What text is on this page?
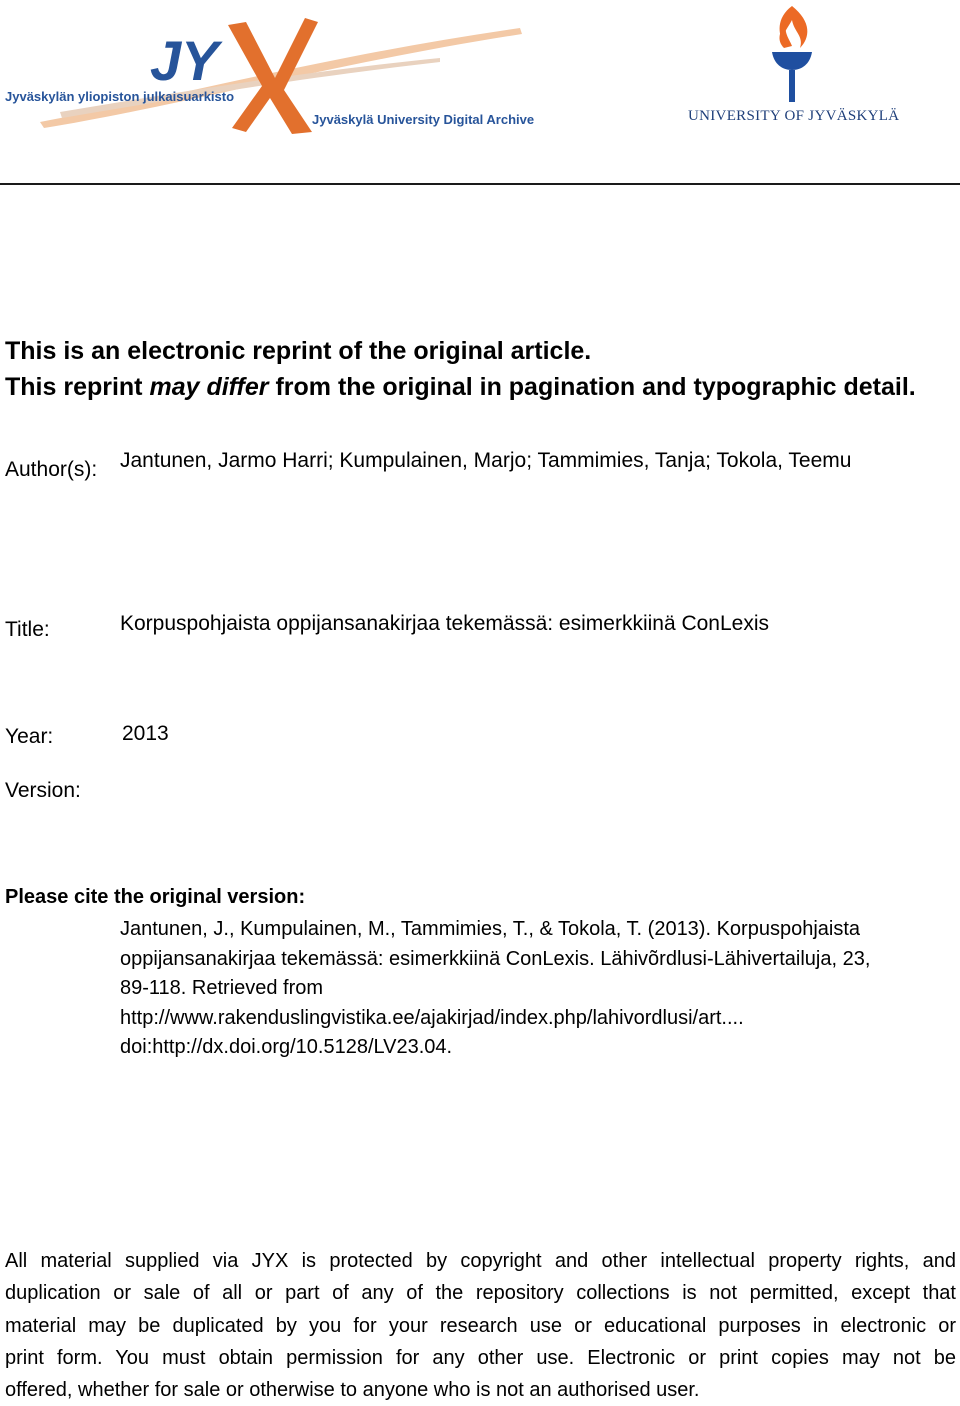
JY
Jyväskylän yliopiston julkaisuarkisto
Jyväskylä University Digital Archive	UNIVERSITY OF JYVÄSKYLÄ
This is an electronic reprint of the original article.
This reprint may differ from the original in pagination and typographic detail.
Author(s): Jantunen, Jarmo Harri; Kumpulainen, Marjo; Tammimies, Tanja; Tokola, Teemu
Title:	Korpuspohjaista oppijansanakirjaa tekemässä: esimerkkiinä ConLexis
Year:	2013
Version:
Please cite the original version:
Jantunen, J., Kumpulainen, M., Tammimies, T., & Tokola, T. (2013). Korpuspohjaista
oppijansanakirjaa tekemässä: esimerkkiinä ConLexis. Lähivõrdlusi-Lähivertailuja, 23,
89-118. Retrieved from
http://www.rakenduslingvistika.ee/ajakirjad/index.php/lahivordlusi/art....
doi:http://dx.doi.org/10.5128/LV23.04.
All material supplied via JYX is protected by copyright and other intellectual property rights, and
duplication or sale of all or part of any of the repository collections is not permitted, except that
material may be duplicated by you for your research use or educational purposes in electronic or
print form. You must obtain permission for any other use. Electronic or print copies may not be
offered, whether for sale or otherwise to anyone who is not an authorised user.
